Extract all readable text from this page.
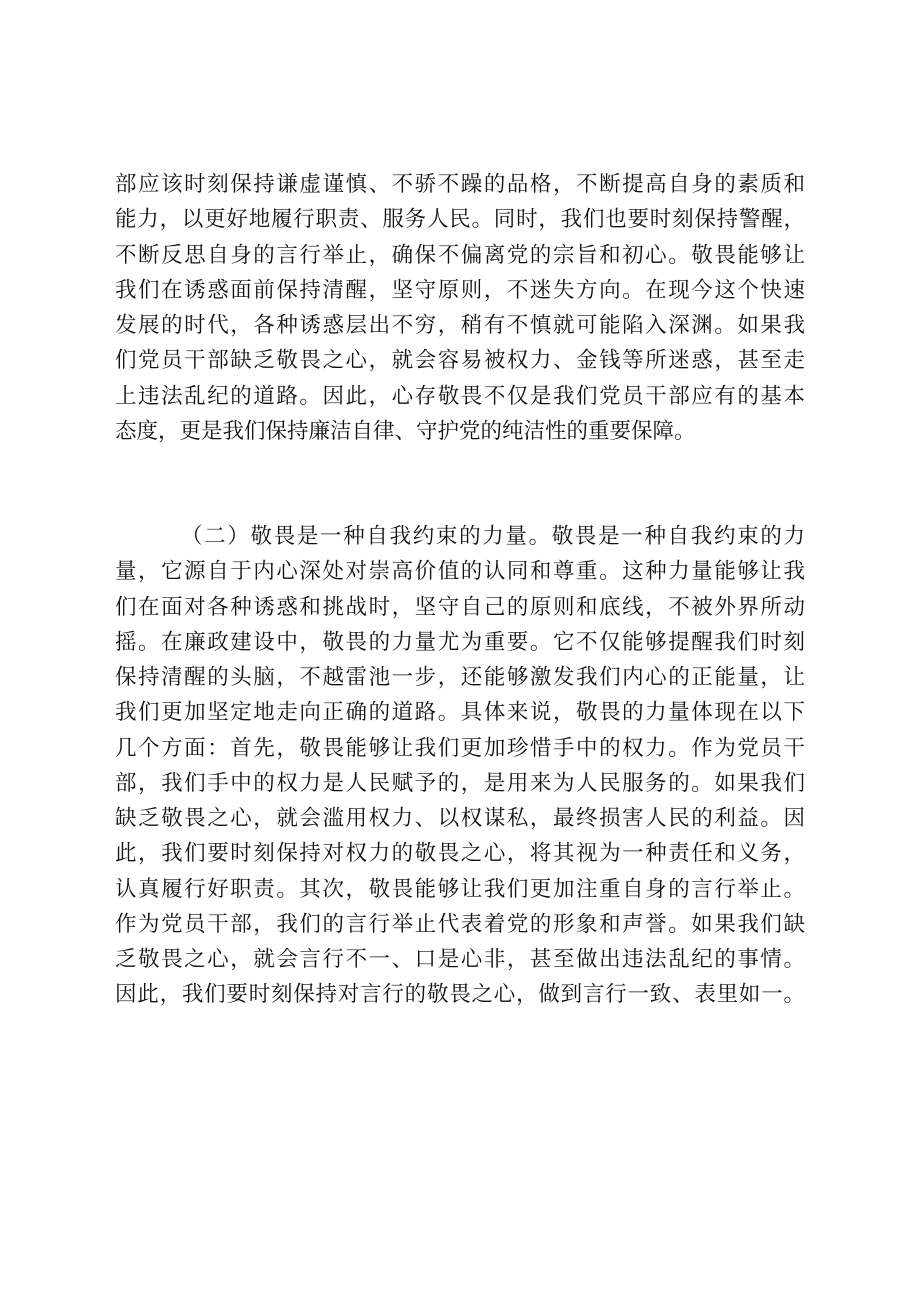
部应该时刻保持谦虚谨慎、不骄不躁的品格，不断提高自身的素质和
能力，以更好地履行职责、服务人民。同时，我们也要时刻保持警醒，
不断反思自身的言行举止，确保不偏离党的宗旨和初心。敬畏能够让
我们在诱惑面前保持清醒，坚守原则，不迷失方向。在现今这个快速
发展的时代，各种诱惑层出不穷，稍有不慎就可能陷入深渊。如果我
们党员干部缺乏敬畏之心，就会容易被权力、金钱等所迷惑，甚至走
上违法乱纪的道路。因此，心存敬畏不仅是我们党员干部应有的基本
态度，更是我们保持廉洁自律、守护党的纯洁性的重要保障。
（二）敬畏是一种自我约束的力量。敬畏是一种自我约束的力
量，它源自于内心深处对崇高价值的认同和尊重。这种力量能够让我
们在面对各种诱惑和挑战时，坚守自己的原则和底线，不被外界所动
摇。在廉政建设中，敬畏的力量尤为重要。它不仅能够提醒我们时刻
保持清醒的头脑，不越雷池一步，还能够激发我们内心的正能量，让
我们更加坚定地走向正确的道路。具体来说，敬畏的力量体现在以下
几个方面：首先，敬畏能够让我们更加珍惜手中的权力。作为党员干
部，我们手中的权力是人民赋予的，是用来为人民服务的。如果我们
缺乏敬畏之心，就会滥用权力、以权谋私，最终损害人民的利益。因
此，我们要时刻保持对权力的敬畏之心，将其视为一种责任和义务，
认真履行好职责。其次，敬畏能够让我们更加注重自身的言行举止。
作为党员干部，我们的言行举止代表着党的形象和声誉。如果我们缺
乏敬畏之心，就会言行不一、口是心非，甚至做出违法乱纪的事情。
因此，我们要时刻保持对言行的敬畏之心，做到言行一致、表里如一。
